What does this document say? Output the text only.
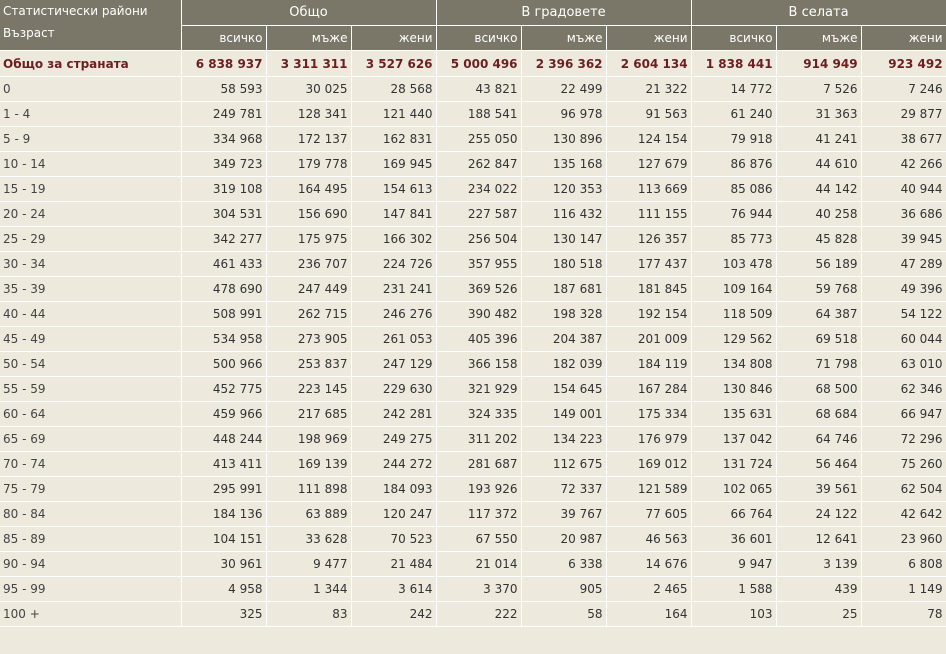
Статистически райони
Възраст	Общо			В градовете			В селата		
	всичко	мъже	жени	всичко	мъже	жени	всичко	мъже	жени
Общо за страната	6 838 937	3 311 311	3 527 626	5 000 496	2 396 362	2 604 134	1 838 441	914 949	923 492
0	58 593	30 025	28 568	43 821	22 499	21 322	14 772	7 526	7 246
1 - 4	249 781	128 341	121 440	188 541	96 978	91 563	61 240	31 363	29 877
5 - 9	334 968	172 137	162 831	255 050	130 896	124 154	79 918	41 241	38 677
10 - 14	349 723	179 778	169 945	262 847	135 168	127 679	86 876	44 610	42 266
15 - 19	319 108	164 495	154 613	234 022	120 353	113 669	85 086	44 142	40 944
20 - 24	304 531	156 690	147 841	227 587	116 432	111 155	76 944	40 258	36 686
25 - 29	342 277	175 975	166 302	256 504	130 147	126 357	85 773	45 828	39 945
30 - 34	461 433	236 707	224 726	357 955	180 518	177 437	103 478	56 189	47 289
35 - 39	478 690	247 449	231 241	369 526	187 681	181 845	109 164	59 768	49 396
40 - 44	508 991	262 715	246 276	390 482	198 328	192 154	118 509	64 387	54 122
45 - 49	534 958	273 905	261 053	405 396	204 387	201 009	129 562	69 518	60 044
50 - 54	500 966	253 837	247 129	366 158	182 039	184 119	134 808	71 798	63 010
55 - 59	452 775	223 145	229 630	321 929	154 645	167 284	130 846	68 500	62 346
60 - 64	459 966	217 685	242 281	324 335	149 001	175 334	135 631	68 684	66 947
65 - 69	448 244	198 969	249 275	311 202	134 223	176 979	137 042	64 746	72 296
70 - 74	413 411	169 139	244 272	281 687	112 675	169 012	131 724	56 464	75 260
75 - 79	295 991	111 898	184 093	193 926	72 337	121 589	102 065	39 561	62 504
80 - 84	184 136	63 889	120 247	117 372	39 767	77 605	66 764	24 122	42 642
85 - 89	104 151	33 628	70 523	67 550	20 987	46 563	36 601	12 641	23 960
90 - 94	30 961	9 477	21 484	21 014	6 338	14 676	9 947	3 139	6 808
95 - 99	4 958	1 344	3 614	3 370	905	2 465	1 588	439	1 149
100 +	325	83	242	222	58	164	103	25	78
